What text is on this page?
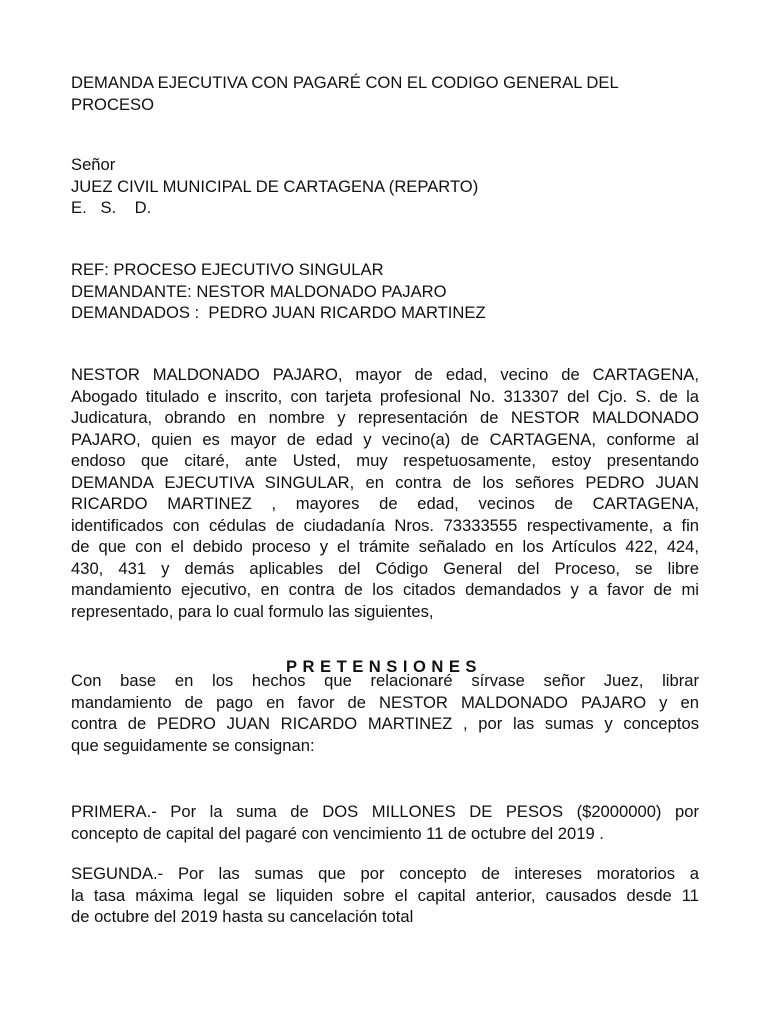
DEMANDA EJECUTIVA CON PAGARÉ CON EL CODIGO GENERAL DEL
PROCESO
Señor
JUEZ CIVIL MUNICIPAL DE CARTAGENA (REPARTO)
E.   S.    D.
REF: PROCESO EJECUTIVO SINGULAR
DEMANDANTE: NESTOR MALDONADO PAJARO
DEMANDADOS :  PEDRO JUAN RICARDO MARTINEZ
NESTOR MALDONADO PAJARO, mayor de edad, vecino de CARTAGENA,
Abogado titulado e inscrito, con tarjeta profesional No. 313307 del Cjo. S. de la
Judicatura, obrando en nombre y representación de NESTOR MALDONADO
PAJARO, quien es mayor de edad y vecino(a) de CARTAGENA, conforme al
endoso que citaré, ante Usted, muy respetuosamente, estoy presentando
DEMANDA EJECUTIVA SINGULAR, en contra de los señores PEDRO JUAN
RICARDO MARTINEZ , mayores de edad, vecinos de CARTAGENA,
identificados con cédulas de ciudadanía Nros. 73333555 respectivamente, a fin
de que con el debido proceso y el trámite señalado en los Artículos 422, 424,
430, 431 y demás aplicables del Código General del Proceso, se libre
mandamiento ejecutivo, en contra de los citados demandados y a favor de mi
representado, para lo cual formulo las siguientes,
PRETENSIONES
Con base en los hechos que relacionaré sírvase señor Juez, librar
mandamiento de pago en favor de NESTOR MALDONADO PAJARO y en
contra de PEDRO JUAN RICARDO MARTINEZ , por las sumas y conceptos
que seguidamente se consignan:
PRIMERA.- Por la suma de DOS MILLONES DE PESOS ($2000000) por
concepto de capital del pagaré con vencimiento 11 de octubre del 2019 .
SEGUNDA.- Por las sumas que por concepto de intereses moratorios a
la tasa máxima legal se liquiden sobre el capital anterior, causados desde 11
de octubre del 2019 hasta su cancelación total
